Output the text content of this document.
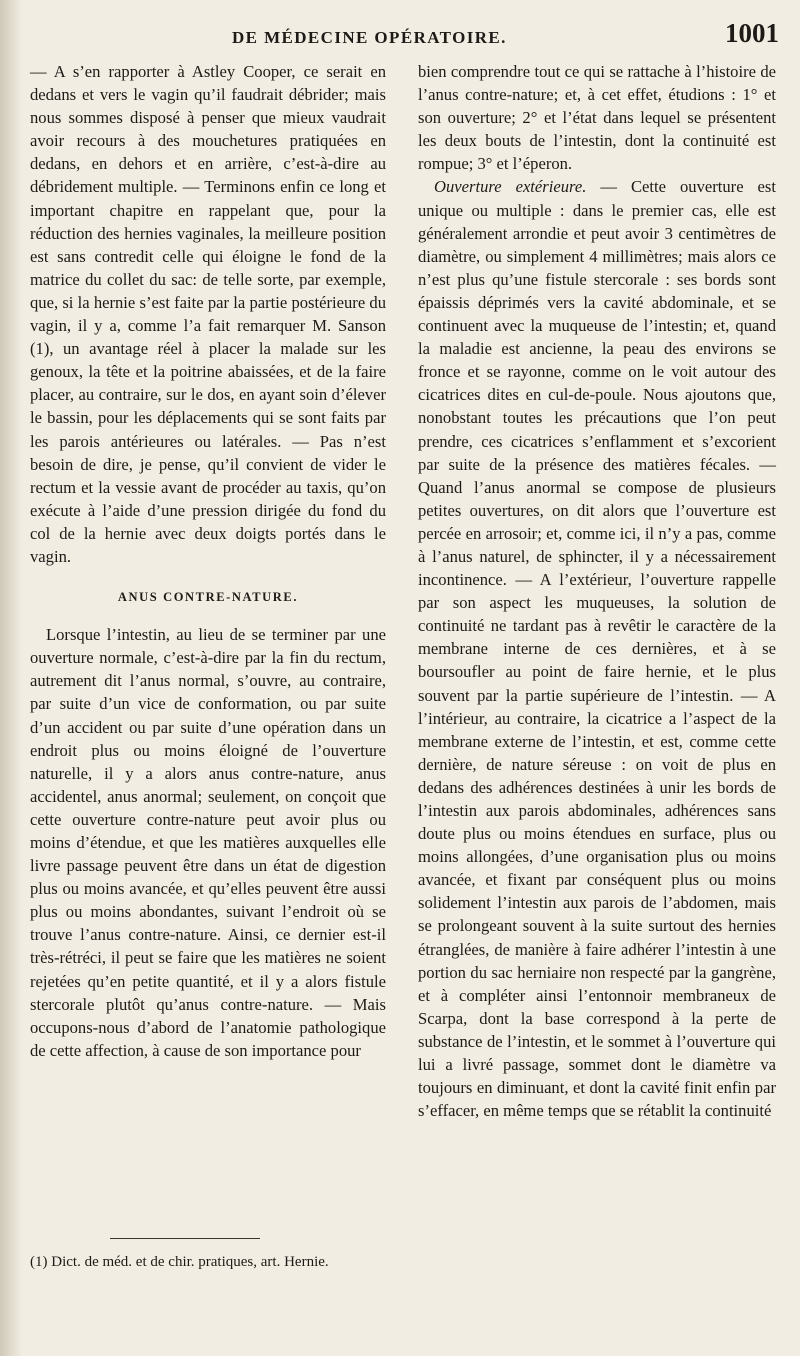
DE MÉDECINE OPÉRATOIRE.	1001

— A s’en rapporter à Astley Cooper, ce serait en dedans et vers le vagin qu’il faudrait débrider; mais nous sommes disposé à penser que mieux vaudrait avoir recours à des mouchetures pratiquées en dedans, en dehors et en arrière, c’est-à-dire au débridement multiple. — Terminons enfin ce long et important chapitre en rappelant que, pour la réduction des hernies vaginales, la meilleure position est sans contredit celle qui éloigne le fond de la matrice du collet du sac: de telle sorte, par exemple, que, si la hernie s’est faite par la partie postérieure du vagin, il y a, comme l’a fait remarquer M. Sanson (1), un avantage réel à placer la malade sur les genoux, la tête et la poitrine abaissées, et de la faire placer, au contraire, sur le dos, en ayant soin d’élever le bassin, pour les déplacements qui se sont faits par les parois antérieures ou latérales. — Pas n’est besoin de dire, je pense, qu’il convient de vider le rectum et la vessie avant de procéder au taxis, qu’on exécute à l’aide d’une pression dirigée du fond du col de la hernie avec deux doigts portés dans le vagin.

ANUS CONTRE-NATURE.

Lorsque l’intestin, au lieu de se terminer par une ouverture normale, c’est-à-dire par la fin du rectum, autrement dit l’anus normal, s’ouvre, au contraire, par suite d’un vice de conformation, ou par suite d’un accident ou par suite d’une opération dans un endroit plus ou moins éloigné de l’ouverture naturelle, il y a alors anus contre-nature, anus accidentel, anus anormal; seulement, on conçoit que cette ouverture contre-nature peut avoir plus ou moins d’étendue, et que les matières auxquelles elle livre passage peuvent être dans un état de digestion plus ou moins avancée, et qu’elles peuvent être aussi plus ou moins abondantes, suivant l’endroit où se trouve l’anus contre-nature. Ainsi, ce dernier est-il très-rétréci, il peut se faire que les matières ne soient rejetées qu’en petite quantité, et il y a alors fistule stercorale plutôt qu’anus contre-nature. — Mais occupons-nous d’abord de l’anatomie pathologique de cette affection, à cause de son importance pour

(1) Dict. de méd. et de chir. pratiques, art. Hernie.

bien comprendre tout ce qui se rattache à l’histoire de l’anus contre-nature; et, à cet effet, étudions : 1° et son ouverture; 2° et l’état dans lequel se présentent les deux bouts de l’intestin, dont la continuité est rompue; 3° et l’éperon.

Ouverture extérieure. — Cette ouverture est unique ou multiple : dans le premier cas, elle est généralement arrondie et peut avoir 3 centimètres de diamètre, ou simplement 4 millimètres; mais alors ce n’est plus qu’une fistule stercorale : ses bords sont épaissis déprimés vers la cavité abdominale, et se continuent avec la muqueuse de l’intestin; et, quand la maladie est ancienne, la peau des environs se fronce et se rayonne, comme on le voit autour des cicatrices dites en cul-de-poule. Nous ajoutons que, nonobstant toutes les précautions que l’on peut prendre, ces cicatrices s’enflamment et s’excorient par suite de la présence des matières fécales. — Quand l’anus anormal se compose de plusieurs petites ouvertures, on dit alors que l’ouverture est percée en arrosoir; et, comme ici, il n’y a pas, comme à l’anus naturel, de sphincter, il y a nécessairement incontinence. — A l’extérieur, l’ouverture rappelle par son aspect les muqueuses, la solution de continuité ne tardant pas à revêtir le caractère de la membrane interne de ces dernières, et à se boursoufler au point de faire hernie, et le plus souvent par la partie supérieure de l’intestin. — A l’intérieur, au contraire, la cicatrice a l’aspect de la membrane externe de l’intestin, et est, comme cette dernière, de nature séreuse : on voit de plus en dedans des adhérences destinées à unir les bords de l’intestin aux parois abdominales, adhérences sans doute plus ou moins étendues en surface, plus ou moins allongées, d’une organisation plus ou moins avancée, et fixant par conséquent plus ou moins solidement l’intestin aux parois de l’abdomen, mais se prolongeant souvent à la suite surtout des hernies étranglées, de manière à faire adhérer l’intestin à une portion du sac herniaire non respecté par la gangrène, et à compléter ainsi l’entonnoir membraneux de Scarpa, dont la base correspond à la perte de substance de l’intestin, et le sommet à l’ouverture qui lui a livré passage, sommet dont le diamètre va toujours en diminuant, et dont la cavité finit enfin par s’effacer, en même temps que se rétablit la continuité
